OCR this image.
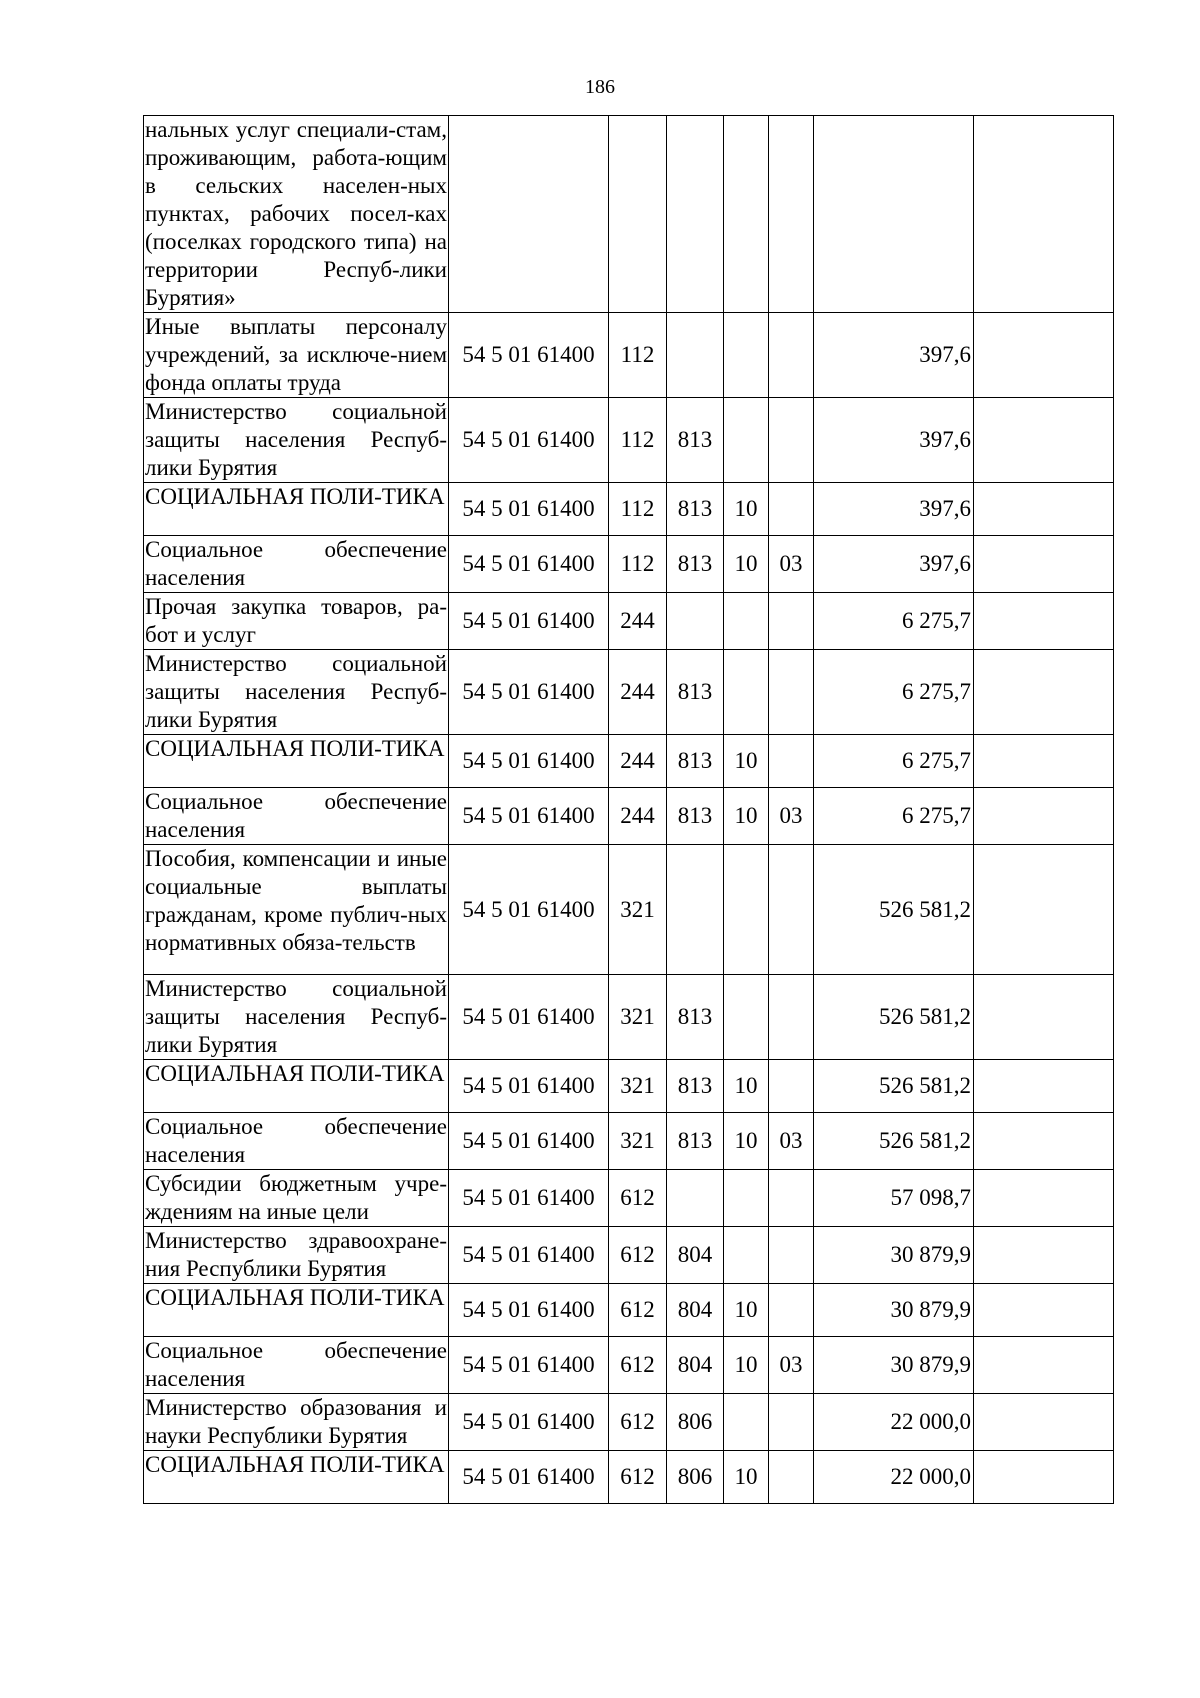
186
нальных услуг специали-стам, проживающим, работа-ющим в сельских населен-ных пунктах, рабочих посел-ках (поселках городского типа) на территории Респуб-лики Бурятия»							
Иные выплаты персоналу учреждений, за исключе-нием фонда оплаты труда	54 5 01 61400	112				397,6	
Министерство социальной защиты населения Респуб-лики Бурятия	54 5 01 61400	112	813			397,6	
СОЦИАЛЬНАЯ ПОЛИ-ТИКА	54 5 01 61400	112	813	10		397,6	
Социальное обеспечение населения	54 5 01 61400	112	813	10	03	397,6	
Прочая закупка товаров, ра-бот и услуг	54 5 01 61400	244				6 275,7	
Министерство социальной защиты населения Респуб-лики Бурятия	54 5 01 61400	244	813			6 275,7	
СОЦИАЛЬНАЯ ПОЛИ-ТИКА	54 5 01 61400	244	813	10		6 275,7	
Социальное обеспечение населения	54 5 01 61400	244	813	10	03	6 275,7	
Пособия, компенсации и иные социальные выплаты гражданам, кроме публич-ных нормативных обяза-тельств	54 5 01 61400	321				526 581,2	
Министерство социальной защиты населения Респуб-лики Бурятия	54 5 01 61400	321	813			526 581,2	
СОЦИАЛЬНАЯ ПОЛИ-ТИКА	54 5 01 61400	321	813	10		526 581,2	
Социальное обеспечение населения	54 5 01 61400	321	813	10	03	526 581,2	
Субсидии бюджетным учре-ждениям на иные цели	54 5 01 61400	612				57 098,7	
Министерство здравоохране-ния Республики Бурятия	54 5 01 61400	612	804			30 879,9	
СОЦИАЛЬНАЯ ПОЛИ-ТИКА	54 5 01 61400	612	804	10		30 879,9	
Социальное обеспечение населения	54 5 01 61400	612	804	10	03	30 879,9	
Министерство образования и науки Республики Бурятия	54 5 01 61400	612	806			22 000,0	
СОЦИАЛЬНАЯ ПОЛИ-ТИКА	54 5 01 61400	612	806	10		22 000,0	
